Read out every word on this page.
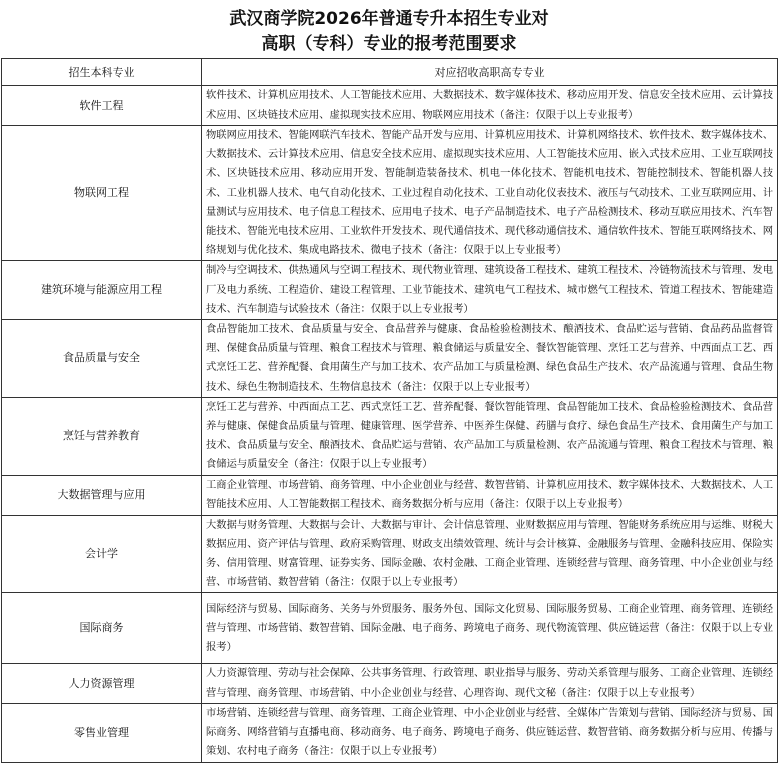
武汉商学院2026年普通专升本招生专业对
高职（专科）专业的报考范围要求
招生本科专业	对应招收高职高专专业
软件工程	软件技术、计算机应用技术、人工智能技术应用、大数据技术、数字媒体技术、移动应用开发、信息安全技术应用、云计算技术应用、区块链技术应用、虚拟现实技术应用、物联网应用技术（备注：仅限于以上专业报考）
物联网工程	物联网应用技术、智能网联汽车技术、智能产品开发与应用、计算机应用技术、计算机网络技术、软件技术、数字媒体技术、大数据技术、云计算技术应用、信息安全技术应用、虚拟现实技术应用、人工智能技术应用、嵌入式技术应用、工业互联网技术、区块链技术应用、移动应用开发、智能制造装备技术、机电一体化技术、智能机电技术、智能控制技术、智能机器人技术、工业机器人技术、电气自动化技术、工业过程自动化技术、工业自动化仪表技术、液压与气动技术、工业互联网应用、计量测试与应用技术、电子信息工程技术、应用电子技术、电子产品制造技术、电子产品检测技术、移动互联应用技术、汽车智能技术、智能光电技术应用、工业软件开发技术、现代通信技术、现代移动通信技术、通信软件技术、智能互联网络技术、网络规划与优化技术、集成电路技术、微电子技术（备注：仅限于以上专业报考）
建筑环境与能源应用工程	制冷与空调技术、供热通风与空调工程技术、现代物业管理、建筑设备工程技术、建筑工程技术、冷链物流技术与管理、发电厂及电力系统、工程造价、建设工程管理、工业节能技术、建筑电气工程技术、城市燃气工程技术、管道工程技术、智能建造技术、汽车制造与试验技术（备注：仅限于以上专业报考）
食品质量与安全	食品智能加工技术、食品质量与安全、食品营养与健康、食品检验检测技术、酿酒技术、食品贮运与营销、食品药品监督管理、保健食品质量与管理、粮食工程技术与管理、粮食储运与质量安全、餐饮智能管理、烹饪工艺与营养、中西面点工艺、西式烹饪工艺、营养配餐、食用菌生产与加工技术、农产品加工与质量检测、绿色食品生产技术、农产品流通与管理、食品生物技术、绿色生物制造技术、生物信息技术（备注：仅限于以上专业报考）
烹饪与营养教育	烹饪工艺与营养、中西面点工艺、西式烹饪工艺、营养配餐、餐饮智能管理、食品智能加工技术、食品检验检测技术、食品营养与健康、保健食品质量与管理、健康管理、医学营养、中医养生保健、药膳与食疗、绿色食品生产技术、食用菌生产与加工技术、食品质量与安全、酿酒技术、食品贮运与营销、农产品加工与质量检测、农产品流通与管理、粮食工程技术与管理、粮食储运与质量安全（备注：仅限于以上专业报考）
大数据管理与应用	工商企业管理、市场营销、商务管理、中小企业创业与经营、数智营销、计算机应用技术、数字媒体技术、大数据技术、人工智能技术应用、人工智能数据工程技术、商务数据分析与应用（备注：仅限于以上专业报考）
会计学	大数据与财务管理、大数据与会计、大数据与审计、会计信息管理、业财数据应用与管理、智能财务系统应用与运维、财税大数据应用、资产评估与管理、政府采购管理、财政支出绩效管理、统计与会计核算、金融服务与管理、金融科技应用、保险实务、信用管理、财富管理、证券实务、国际金融、农村金融、工商企业管理、连锁经营与管理、商务管理、中小企业创业与经营、市场营销、数智营销（备注：仅限于以上专业报考）
国际商务	国际经济与贸易、国际商务、关务与外贸服务、服务外包、国际文化贸易、国际服务贸易、工商企业管理、商务管理、连锁经营与管理、市场营销、数智营销、国际金融、电子商务、跨境电子商务、现代物流管理、供应链运营（备注：仅限于以上专业报考）
人力资源管理	人力资源管理、劳动与社会保障、公共事务管理、行政管理、职业指导与服务、劳动关系管理与服务、工商企业管理、连锁经营与管理、商务管理、市场营销、中小企业创业与经营、心理咨询、现代文秘（备注：仅限于以上专业报考）
零售业管理	市场营销、连锁经营与管理、商务管理、工商企业管理、中小企业创业与经营、全媒体广告策划与营销、国际经济与贸易、国际商务、网络营销与直播电商、移动商务、电子商务、跨境电子商务、供应链运营、数智营销、商务数据分析与应用、传播与策划、农村电子商务（备注：仅限于以上专业报考）
